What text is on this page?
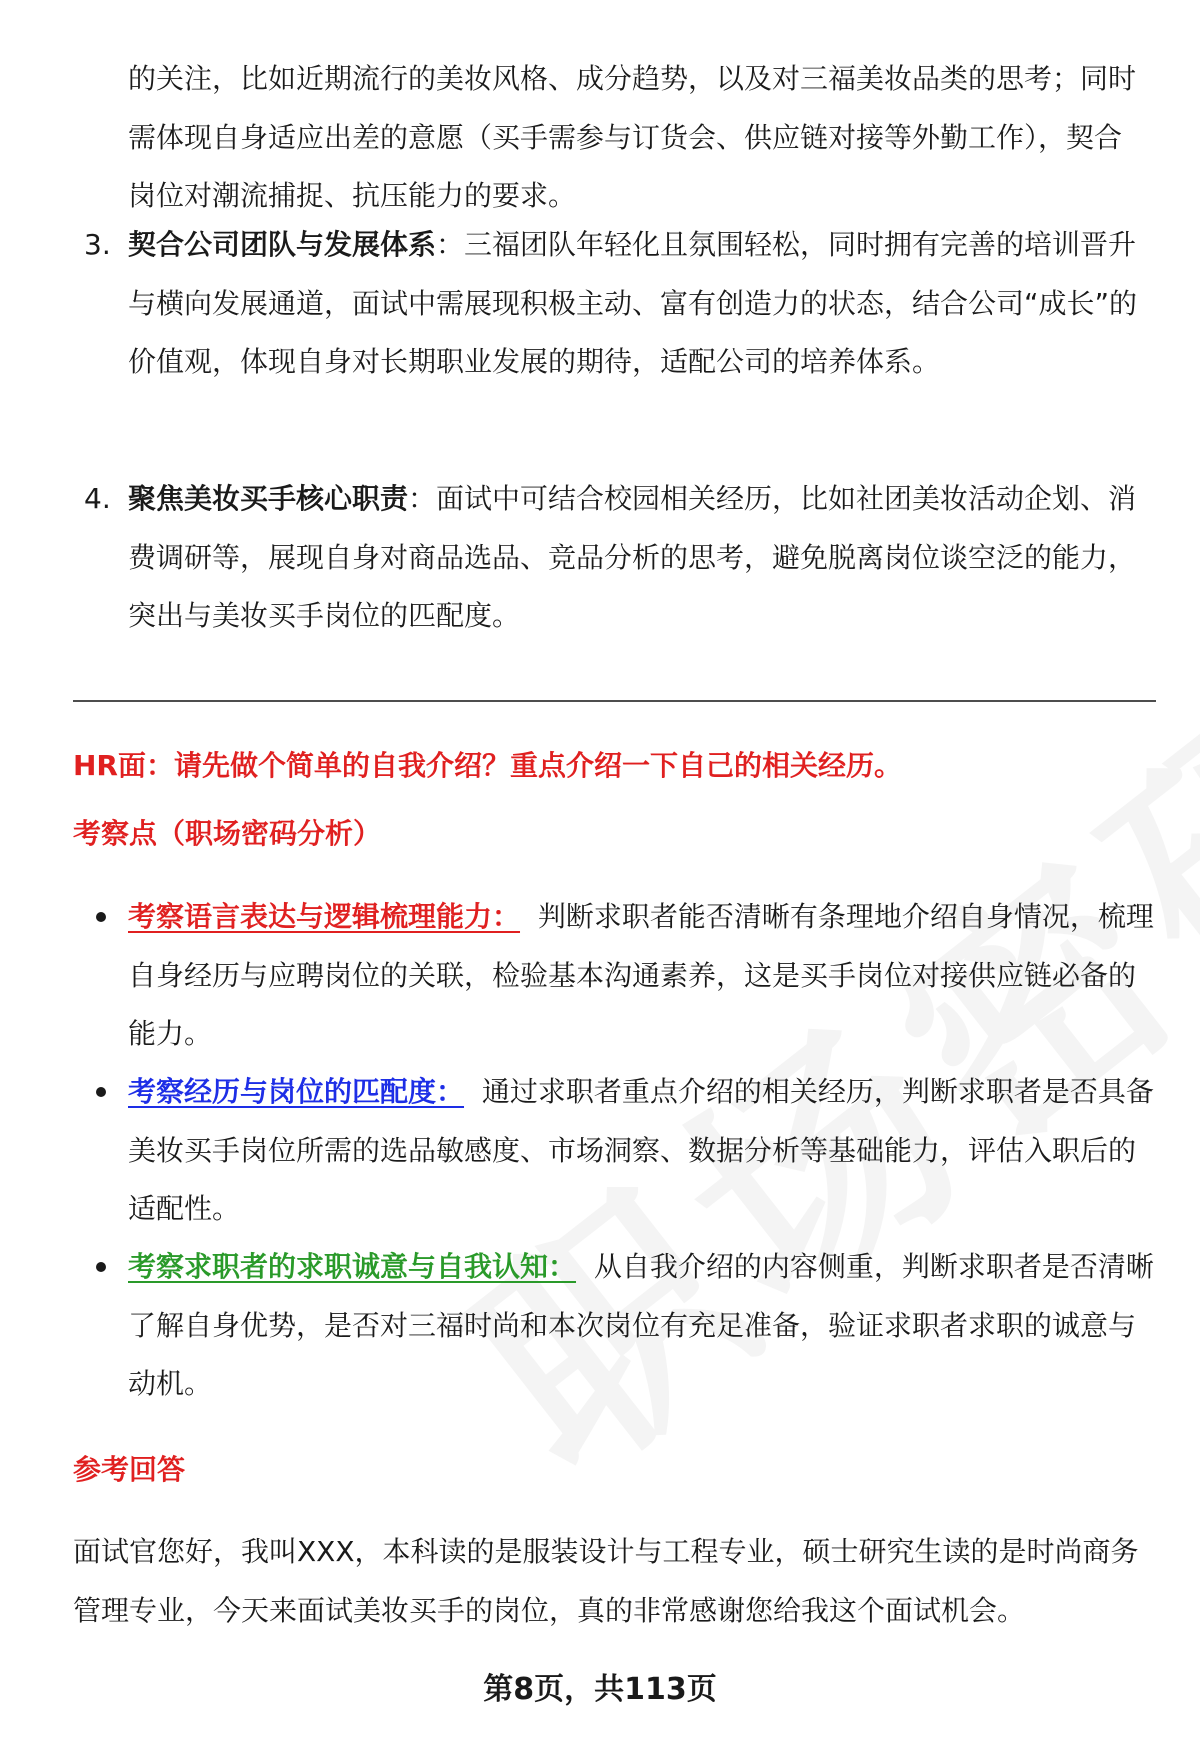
的关注，比如近期流行的美妆风格、成分趋势，以及对三福美妆品类的思考；同时需体现自身适应出差的意愿（买手需参与订货会、供应链对接等外勤工作），契合岗位对潮流捕捉、抗压能力的要求。

3. 契合公司团队与发展体系：三福团队年轻化且氛围轻松，同时拥有完善的培训晋升与横向发展通道，面试中需展现积极主动、富有创造力的状态，结合公司“成长”的价值观，体现自身对长期职业发展的期待，适配公司的培养体系。

4. 聚焦美妆买手核心职责：面试中可结合校园相关经历，比如社团美妆活动企划、消费调研等，展现自身对商品选品、竞品分析的思考，避免脱离岗位谈空泛的能力，突出与美妆买手岗位的匹配度。

HR面：请先做个简单的自我介绍？重点介绍一下自己的相关经历。
考察点（职场密码分析）

考察语言表达与逻辑梳理能力： 判断求职者能否清晰有条理地介绍自身情况，梳理自身经历与应聘岗位的关联，检验基本沟通素养，这是买手岗位对接供应链必备的能力。

考察经历与岗位的匹配度： 通过求职者重点介绍的相关经历，判断求职者是否具备美妆买手岗位所需的选品敏感度、市场洞察、数据分析等基础能力，评估入职后的适配性。

考察求职者的求职诚意与自我认知： 从自我介绍的内容侧重，判断求职者是否清晰了解自身优势，是否对三福时尚和本次岗位有充足准备，验证求职者求职的诚意与动机。

参考回答

面试官您好，我叫XXX，本科读的是服装设计与工程专业，硕士研究生读的是时尚商务管理专业，今天来面试美妆买手的岗位，真的非常感谢您给我这个面试机会。

第8页，共113页
